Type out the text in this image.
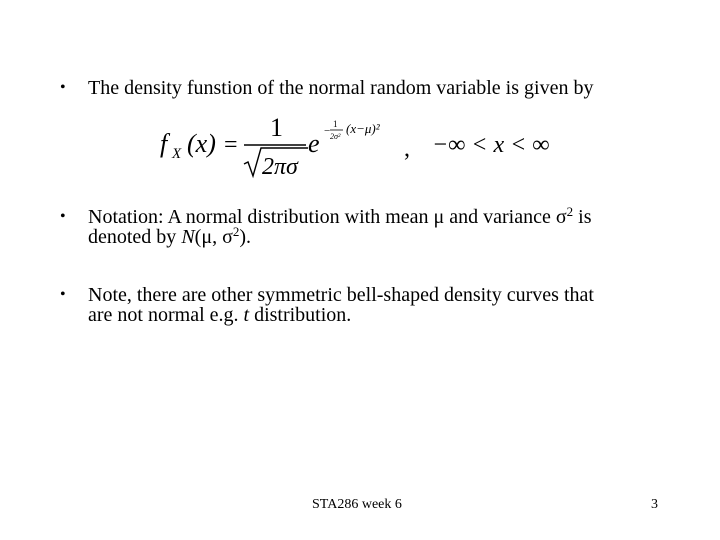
• The density funstion of the normal random variable is given by
f X (x) =
1
2πσ
e −
1
2σ²
(x−μ)²
, −∞ < x < ∞
• Notation: A normal distribution with mean μ and variance $\sigma^2$ is
denoted by N(μ, $\sigma^2$).
• Note, there are other symmetric bell-shaped density curves that
are not normal e.g. t distribution.
STA286 week 6	3
